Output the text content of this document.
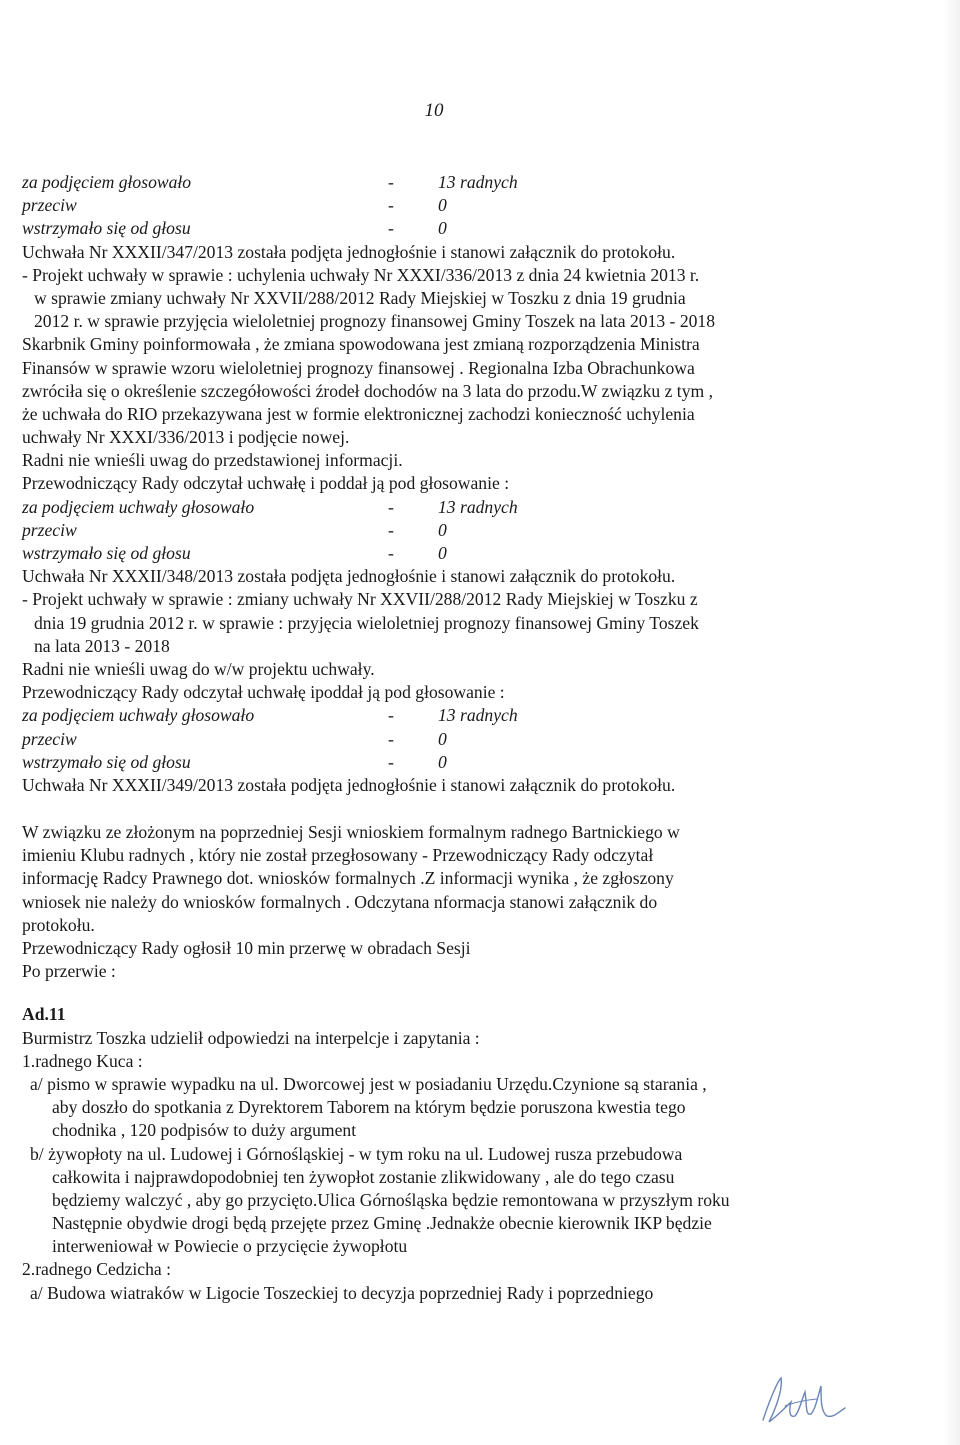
10
za podjęciem głosowało	-	13 radnych
przeciw	-	0
wstrzymało się od głosu	-	0
Uchwała Nr XXXII/347/2013 została podjęta jednogłośnie i stanowi załącznik do protokołu.
- Projekt uchwały w sprawie : uchylenia uchwały Nr XXXI/336/2013 z dnia 24 kwietnia 2013 r.
w sprawie zmiany uchwały Nr XXVII/288/2012 Rady Miejskiej w Toszku z dnia 19 grudnia
2012 r. w sprawie przyjęcia wieloletniej prognozy finansowej Gminy Toszek na lata 2013 - 2018
Skarbnik Gminy poinformowała , że zmiana spowodowana jest zmianą rozporządzenia Ministra
Finansów w sprawie wzoru wieloletniej prognozy finansowej . Regionalna Izba Obrachunkowa
zwróciła się o określenie szczegółowości źrodeł dochodów na 3 lata do przodu.W związku z tym ,
że uchwała do RIO przekazywana jest w formie elektronicznej zachodzi konieczność uchylenia
uchwały Nr XXXI/336/2013 i podjęcie nowej.
Radni nie wnieśli uwag do przedstawionej informacji.
Przewodniczący Rady odczytał uchwałę i poddał ją pod głosowanie :
za podjęciem uchwały głosowało	-	13 radnych
przeciw	-	0
wstrzymało się od głosu	-	0
Uchwała Nr XXXII/348/2013 została podjęta jednogłośnie i stanowi załącznik do protokołu.
- Projekt uchwały w sprawie : zmiany uchwały Nr XXVII/288/2012 Rady Miejskiej w Toszku z
dnia 19 grudnia 2012 r. w sprawie : przyjęcia wieloletniej prognozy finansowej Gminy Toszek
na lata 2013 - 2018
Radni nie wnieśli uwag do w/w projektu uchwały.
Przewodniczący Rady odczytał uchwałę ipoddał ją pod głosowanie :
za podjęciem uchwały głosowało	-	13 radnych
przeciw	-	0
wstrzymało się od głosu	-	0
Uchwała Nr XXXII/349/2013 została podjęta jednogłośnie i stanowi załącznik do protokołu.
W związku ze złożonym na poprzedniej Sesji wnioskiem formalnym radnego Bartnickiego w
imieniu Klubu radnych , który nie został przegłosowany - Przewodniczący Rady odczytał
informację Radcy Prawnego dot. wniosków formalnych .Z informacji wynika , że zgłoszony
wniosek nie należy do wniosków formalnych . Odczytana nformacja stanowi załącznik do
protokołu.
Przewodniczący Rady ogłosił 10 min przerwę w obradach Sesji
Po przerwie :
Ad.11
Burmistrz Toszka udzielił odpowiedzi na interpelcje i zapytania :
1.radnego Kuca :
a/ pismo w sprawie wypadku na ul. Dworcowej jest w posiadaniu Urzędu.Czynione są starania ,
aby doszło do spotkania z Dyrektorem Taborem na którym będzie poruszona kwestia tego
chodnika , 120 podpisów to duży argument
b/ żywopłoty na ul. Ludowej i Górnośląskiej - w tym roku na ul. Ludowej rusza przebudowa
całkowita i najprawdopodobniej ten żywopłot zostanie zlikwidowany , ale do tego czasu
będziemy walczyć , aby go przycięto.Ulica Górnośląska będzie remontowana w przyszłym roku
Następnie obydwie drogi będą przejęte przez Gminę .Jednakże obecnie kierownik IKP będzie
interweniował w Powiecie o przycięcie żywopłotu
2.radnego Cedzicha :
a/ Budowa wiatraków w Ligocie Toszeckiej to decyzja poprzedniej Rady i poprzedniego
